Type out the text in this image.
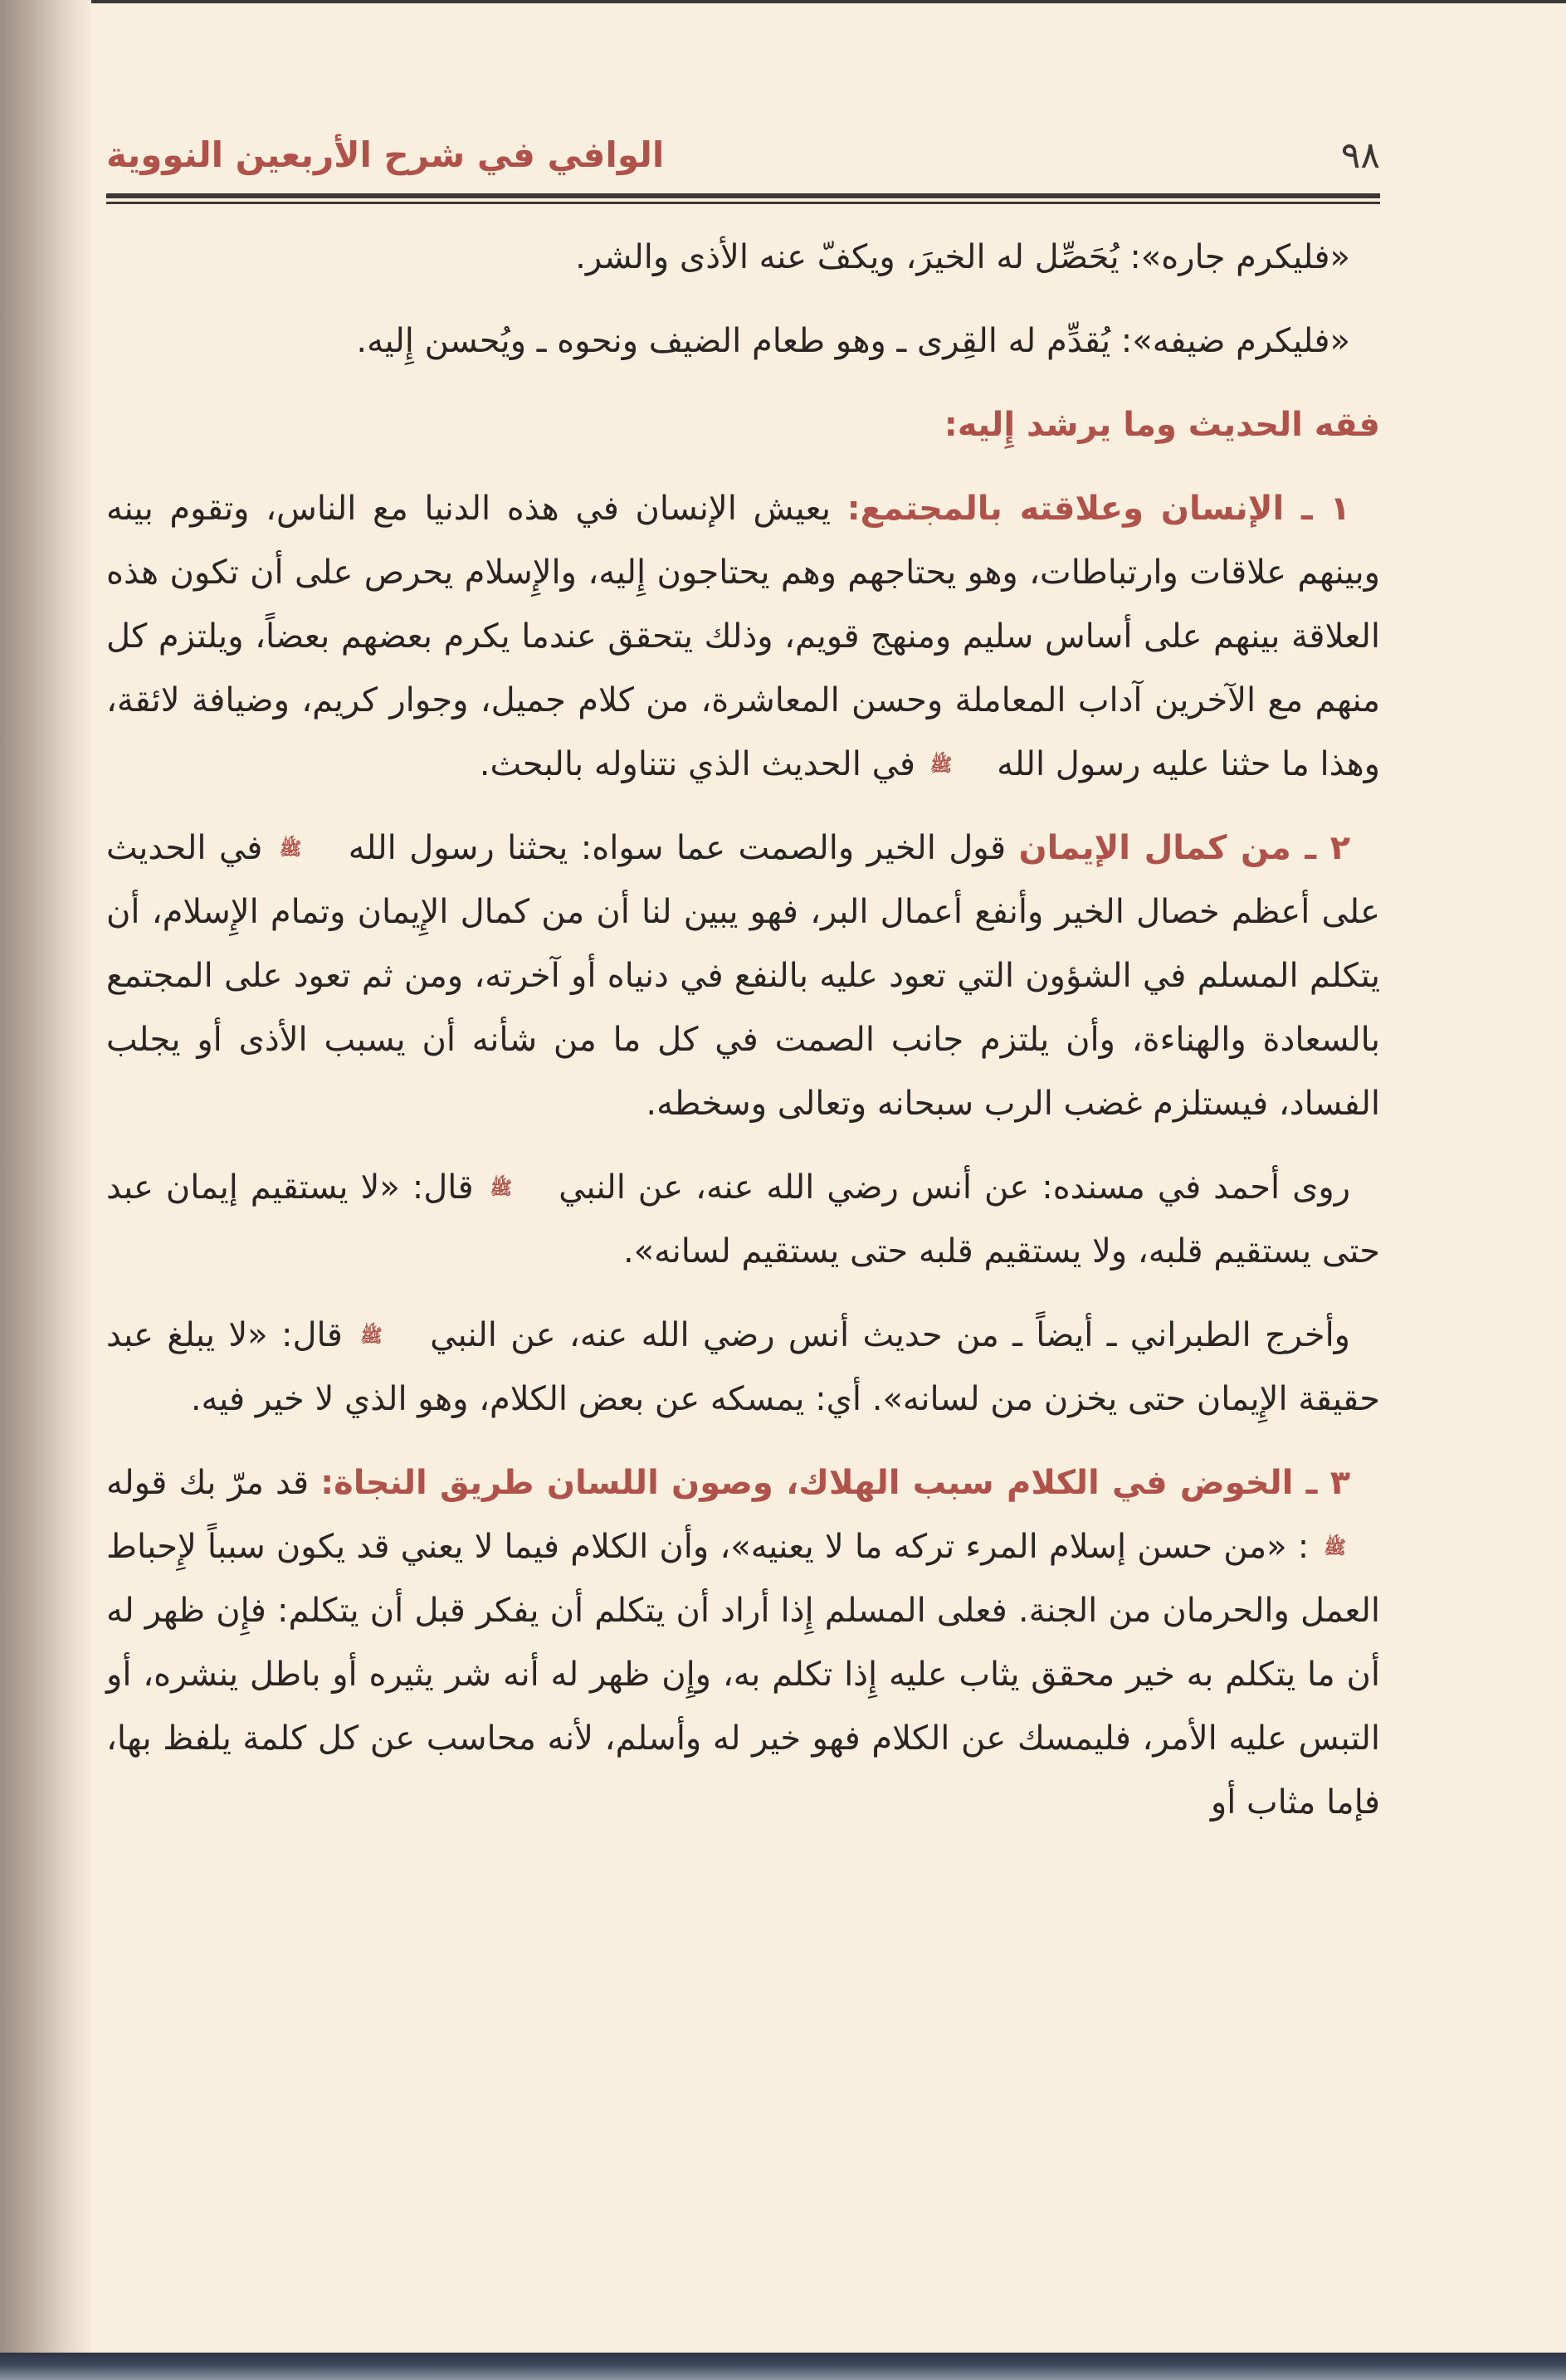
٩٨
الوافي في شرح الأربعين النووية

«فليكرم جاره»: يُحَصِّل له الخيرَ، ويكفّ عنه الأذى والشر.

«فليكرم ضيفه»: يُقدِّم له القِرى ـ وهو طعام الضيف ونحوه ـ ويُحسن إِليه.

فقه الحديث وما يرشد إِليه:

١ ـ الإنسان وعلاقته بالمجتمع: يعيش الإنسان في هذه الدنيا مع الناس، وتقوم بينه وبينهم علاقات وارتباطات، وهو يحتاجهم وهم يحتاجون إِليه، والإِسلام يحرص على أن تكون هذه العلاقة بينهم على أساس سليم ومنهج قويم، وذلك يتحقق عندما يكرم بعضهم بعضاً، ويلتزم كل منهم مع الآخرين آداب المعاملة وحسن المعاشرة، من كلام جميل، وجوار كريم، وضيافة لائقة، وهذا ما حثنا عليه رسول الله ﷺ في الحديث الذي نتناوله بالبحث.

٢ ـ من كمال الإيمان قول الخير والصمت عما سواه: يحثنا رسول الله ﷺ في الحديث على أعظم خصال الخير وأنفع أعمال البر، فهو يبين لنا أن من كمال الإِيمان وتمام الإِسلام، أن يتكلم المسلم في الشؤون التي تعود عليه بالنفع في دنياه أو آخرته، ومن ثم تعود على المجتمع بالسعادة والهناءة، وأن يلتزم جانب الصمت في كل ما من شأنه أن يسبب الأذى أو يجلب الفساد، فيستلزم غضب الرب سبحانه وتعالى وسخطه.

روى أحمد في مسنده: عن أنس رضي الله عنه، عن النبي ﷺ قال: «لا يستقيم إيمان عبد حتى يستقيم قلبه، ولا يستقيم قلبه حتى يستقيم لسانه».

وأخرج الطبراني ـ أيضاً ـ من حديث أنس رضي الله عنه، عن النبي ﷺ قال: «لا يبلغ عبد حقيقة الإِيمان حتى يخزن من لسانه». أي: يمسكه عن بعض الكلام، وهو الذي لا خير فيه.

٣ ـ الخوض في الكلام سبب الهلاك، وصون اللسان طريق النجاة: قد مرّ بك قوله ﷺ : «من حسن إسلام المرء تركه ما لا يعنيه»، وأن الكلام فيما لا يعني قد يكون سبباً لإِحباط العمل والحرمان من الجنة. فعلى المسلم إِذا أراد أن يتكلم أن يفكر قبل أن يتكلم: فإِن ظهر له أن ما يتكلم به خير محقق يثاب عليه إِذا تكلم به، وإِن ظهر له أنه شر يثيره أو باطل ينشره، أو التبس عليه الأمر، فليمسك عن الكلام فهو خير له وأسلم، لأنه محاسب عن كل كلمة يلفظ بها، فإما مثاب أو
